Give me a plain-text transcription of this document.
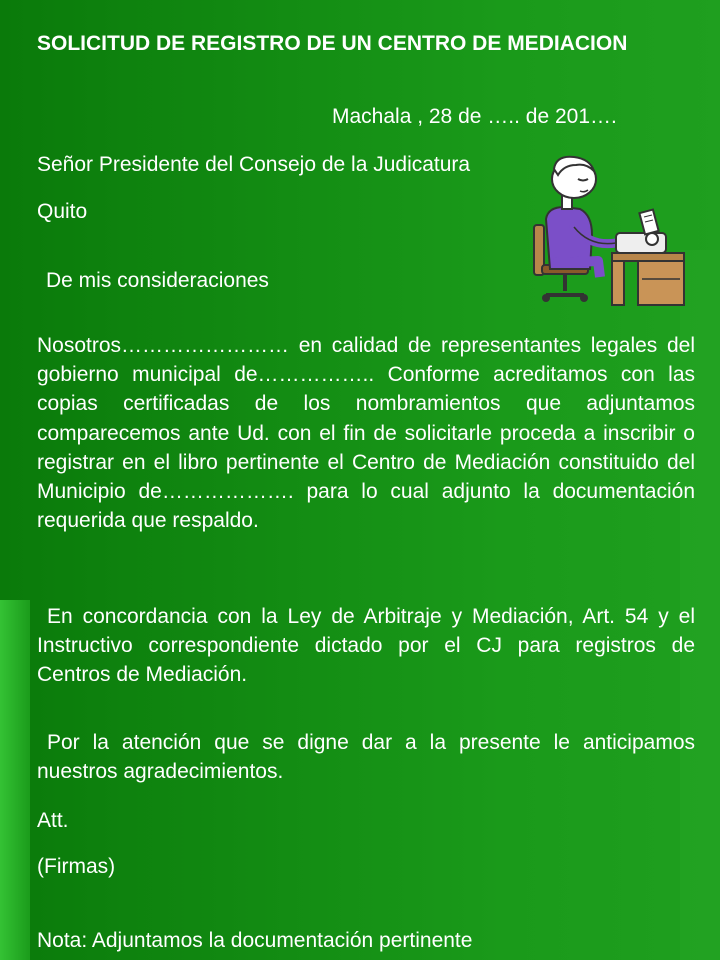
SOLICITUD DE REGISTRO DE UN CENTRO DE MEDIACION
Machala , 28 de ….. de 201….
Señor Presidente del Consejo de la Judicatura
Quito
De mis consideraciones
Nosotros…………………… en calidad de representantes legales del gobierno municipal de…………….. Conforme acreditamos con las copias certificadas de los nombramientos que adjuntamos comparecemos ante Ud. con el fin de solicitarle proceda a inscribir o registrar en el libro pertinente el Centro de Mediación constituido del Municipio de………………. para lo cual adjunto la documentación requerida que respaldo.
En concordancia con la Ley de Arbitraje y Mediación, Art. 54 y el Instructivo correspondiente dictado por el CJ para registros de Centros de Mediación.
Por la atención que se digne dar a la presente le anticipamos nuestros agradecimientos.
Att.
(Firmas)
Nota: Adjuntamos la documentación pertinente
